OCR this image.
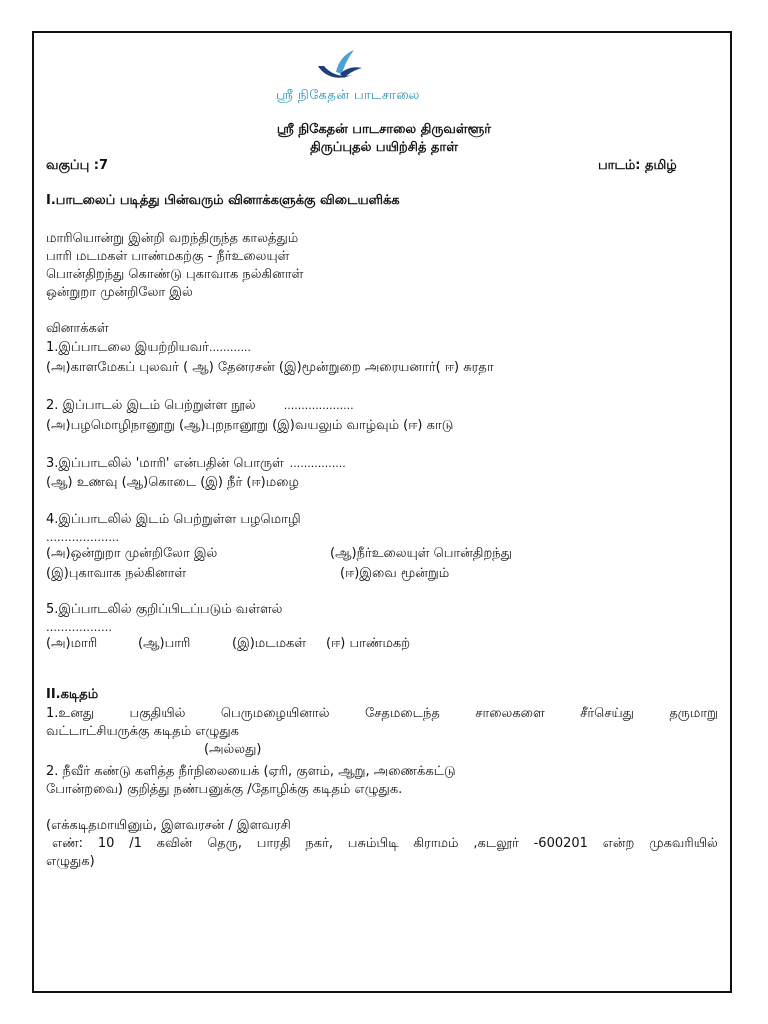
ஸ்ரீ நிகேதன் பாடசாலை
ஸ்ரீ நிகேதன் பாடசாலை திருவள்ளூர்
திருப்புதல் பயிற்சித் தாள்
வகுப்பு :7	பாடம்: தமிழ்
I.பாடலைப் படித்து பின்வரும் வினாக்களுக்கு விடையளிக்க
மாரியொன்று இன்றி வறந்திருந்த காலத்தும்
பாரி மடமகள் பாண்மகற்கு - நீர்உலையுள்
பொன்திறந்து கொண்டு புகாவாக நல்கினாள்
ஒன்றுறா முன்றிலோ இல்
வினாக்கள்
1.இப்பாடலை இயற்றியவர்............
(அ)காளமேகப் புலவர் ( ஆ) தேனரசன் (இ)மூன்றுறை அரையனார்( ஈ) சுரதா
2. இப்பாடல் இடம் பெற்றுள்ள நூல்	....................
(அ)பழமொழிநானூறு (ஆ)புறநானூறு (இ)வயலும் வாழ்வும் (ஈ) காடு
3.இப்பாடலில் 'மாரி' என்பதின் பொருள் ................
(ஆ) உணவு (ஆ)கொடை (இ) நீர் (ஈ)மழை
4.இப்பாடலில் இடம் பெற்றுள்ள பழமொழி
………………..
(அ)ஒன்றுறா முன்றிலோ இல்	(ஆ)நீர்உலையுள் பொன்திறந்து
(இ)புகாவாக நல்கினாள்	(ஈ)இவை மூன்றும்
5.இப்பாடலில் குறிப்பிடப்படும் வள்ளல்
………………
(அ)மாரி	(ஆ)பாரி	(இ)மடமகள் (ஈ) பாண்மகற்
II.கடிதம்
1.உனது	பகுதியில்	பெருமழையினால்	சேதமடைந்த	சாலைகளை	சீர்செய்து	தருமாறு
வட்டாட்சியருக்கு கடிதம் எழுதுக
(அல்லது)
2. நீவீர் கண்டு களித்த நீர்நிலையைக் (ஏரி, குளம், ஆறு, அணைக்கட்டு
போன்றவை) குறித்து நண்பனுக்கு /தோழிக்கு கடிதம் எழுதுக.
(எக்கடிதமாயினும், இளவரசன் / இளவரசி
எண்: 10 /1 கவின் தெரு, பாரதி நகர், பசும்பிடி கிராமம் ,கடலூர் -600201 என்ற முகவரியில்
எழுதுக)
